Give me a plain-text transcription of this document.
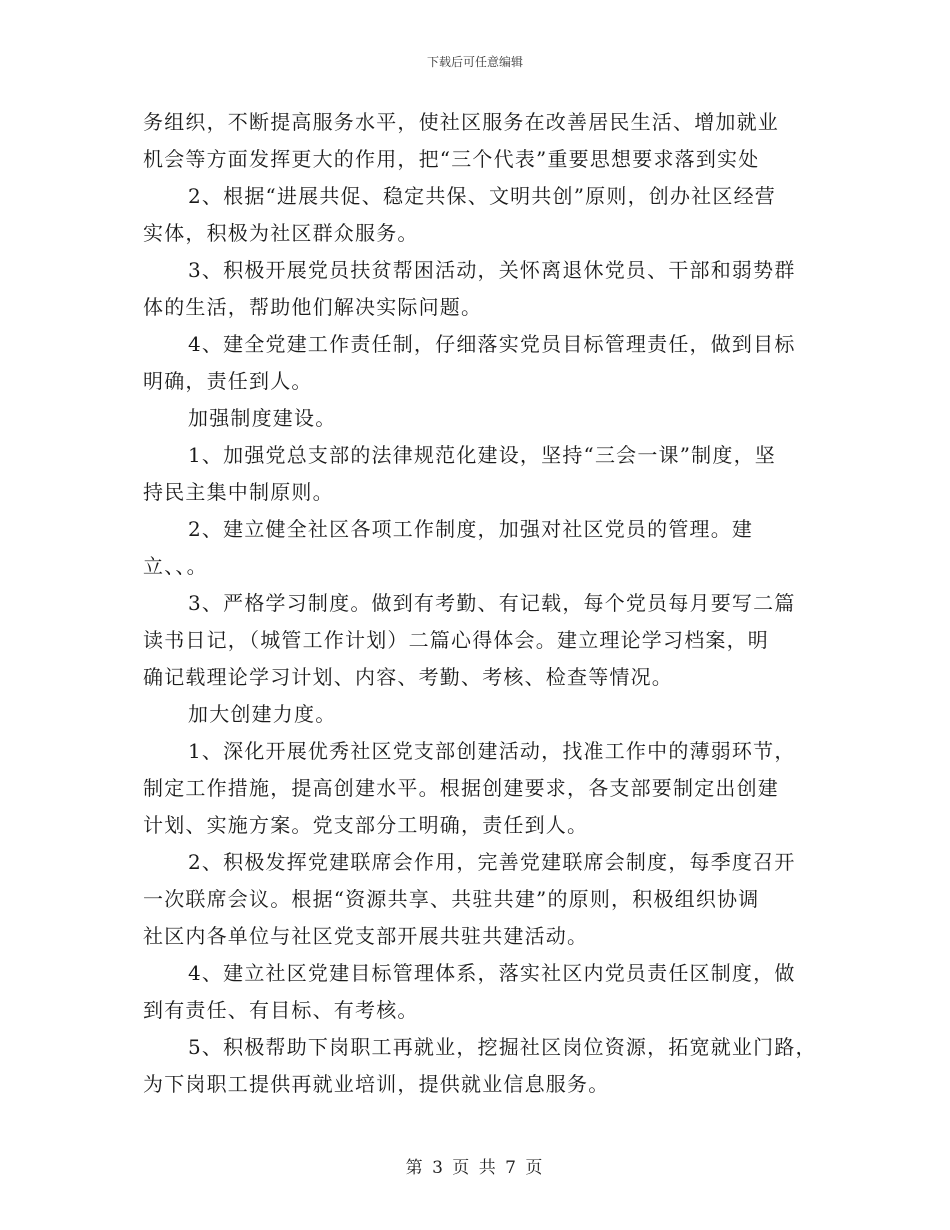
下载后可任意编辑
务组织，不断提高服务水平，使社区服务在改善居民生活、增加就业
机会等方面发挥更大的作用，把“三个代表”重要思想要求落到实处
2、根据“进展共促、稳定共保、文明共创”原则，创办社区经营
实体，积极为社区群众服务。
3、积极开展党员扶贫帮困活动，关怀离退休党员、干部和弱势群
体的生活，帮助他们解决实际问题。
4、建全党建工作责任制，仔细落实党员目标管理责任，做到目标
明确，责任到人。
加强制度建设。
1、加强党总支部的法律规范化建设，坚持“三会一课”制度，坚
持民主集中制原则。
2、建立健全社区各项工作制度，加强对社区党员的管理。建
立、、。
3、严格学习制度。做到有考勤、有记载，每个党员每月要写二篇
读书日记，（城管工作计划）二篇心得体会。建立理论学习档案，明
确记载理论学习计划、内容、考勤、考核、检查等情况。
加大创建力度。
1、深化开展优秀社区党支部创建活动，找准工作中的薄弱环节，
制定工作措施，提高创建水平。根据创建要求，各支部要制定出创建
计划、实施方案。党支部分工明确，责任到人。
2、积极发挥党建联席会作用，完善党建联席会制度，每季度召开
一次联席会议。根据“资源共享、共驻共建”的原则，积极组织协调
社区内各单位与社区党支部开展共驻共建活动。
4、建立社区党建目标管理体系，落实社区内党员责任区制度，做
到有责任、有目标、有考核。
5、积极帮助下岗职工再就业，挖掘社区岗位资源，拓宽就业门路，
为下岗职工提供再就业培训，提供就业信息服务。
第 3 页 共 7 页
